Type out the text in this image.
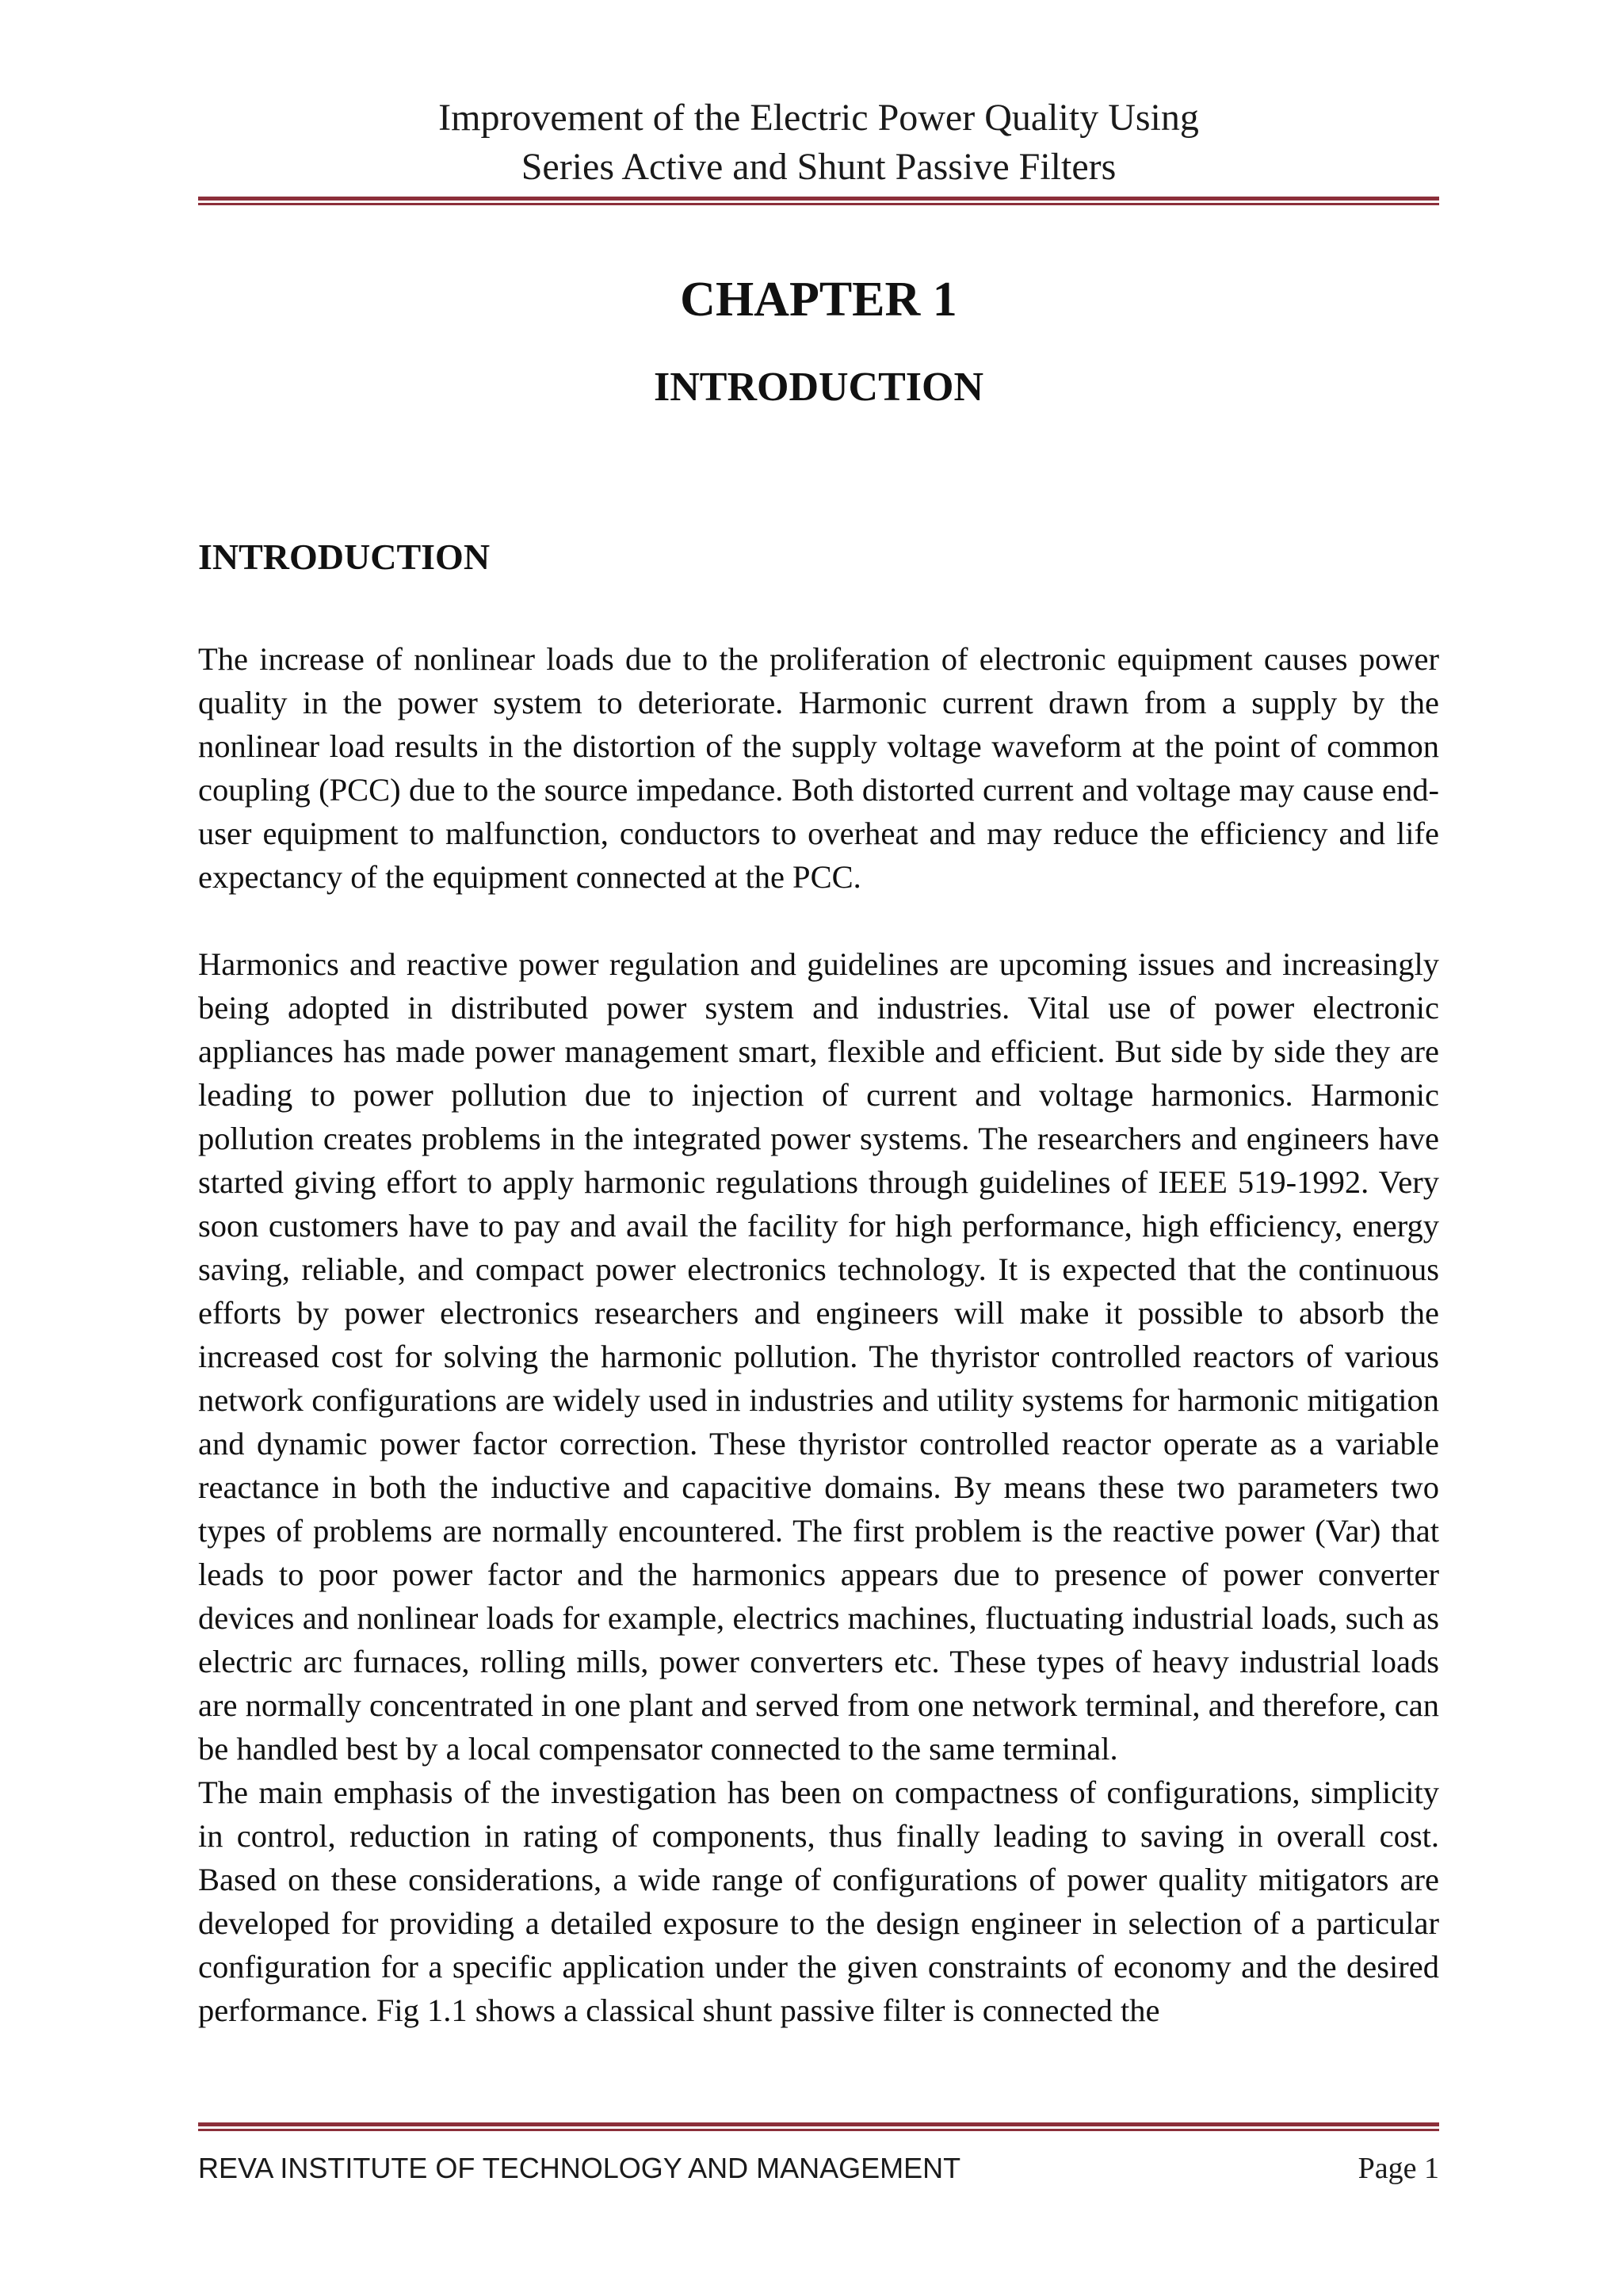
Improvement of the Electric Power Quality Using
Series Active and Shunt Passive Filters
CHAPTER 1
INTRODUCTION
INTRODUCTION

The increase of nonlinear loads due to the proliferation of electronic equipment causes power quality in the power system to deteriorate. Harmonic current drawn from a supply by the nonlinear load results in the distortion of the supply voltage waveform at the point of common coupling (PCC) due to the source impedance. Both distorted current and voltage may cause end-user equipment to malfunction, conductors to overheat and may reduce the efficiency and life expectancy of the equipment connected at the PCC.

Harmonics and reactive power regulation and guidelines are upcoming issues and increasingly being adopted in distributed power system and industries. Vital use of power electronic appliances has made power management smart, flexible and efficient. But side by side they are leading to power pollution due to injection of current and voltage harmonics. Harmonic pollution creates problems in the integrated power systems. The researchers and engineers have started giving effort to apply harmonic regulations through guidelines of IEEE 519-1992. Very soon customers have to pay and avail the facility for high performance, high efficiency, energy saving, reliable, and compact power electronics technology. It is expected that the continuous efforts by power electronics researchers and engineers will make it possible to absorb the increased cost for solving the harmonic pollution. The thyristor controlled reactors of various network configurations are widely used in industries and utility systems for harmonic mitigation and dynamic power factor correction. These thyristor controlled reactor operate as a variable reactance in both the inductive and capacitive domains. By means these two parameters two types of problems are normally encountered. The first problem is the reactive power (Var) that leads to poor power factor and the harmonics appears due to presence of power converter devices and nonlinear loads for example, electrics machines, fluctuating industrial loads, such as electric arc furnaces, rolling mills, power converters etc. These types of heavy industrial loads are normally concentrated in one plant and served from one network terminal, and therefore, can be handled best by a local compensator connected to the same terminal.

The main emphasis of the investigation has been on compactness of configurations, simplicity in control, reduction in rating of components, thus finally leading to saving in overall cost. Based on these considerations, a wide range of configurations of power quality mitigators are developed for providing a detailed exposure to the design engineer in selection of a particular configuration for a specific application under the given constraints of economy and the desired performance. Fig 1.1 shows a classical shunt passive filter is connected the

REVA INSTITUTE OF TECHNOLOGY AND MANAGEMENT	Page 1
